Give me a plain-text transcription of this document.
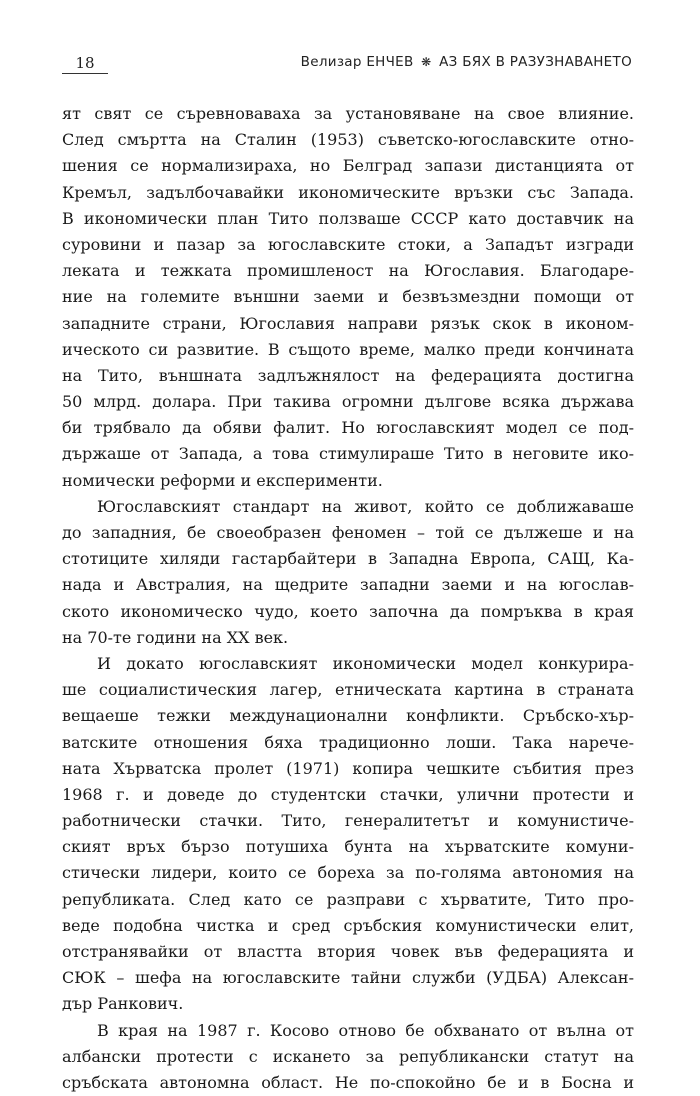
18	Велизар ЕНЧЕВ ❋ АЗ БЯХ В РАЗУЗНАВАНЕТО
ят свят се съревноваваха за установяване на свое влияние.
След смъртта на Сталин (1953) съветско-югославските отно-
шения се нормализираха, но Белград запази дистанцията от
Кремъл, задълбочавайки икономическите връзки със Запада.
В икономически план Тито ползваше СССР като доставчик на
суровини и пазар за югославските стоки, а Западът изгради
леката и тежката промишленост на Югославия. Благодаре-
ние на големите външни заеми и безвъзмездни помощи от
западните страни, Югославия направи рязък скок в иконом-
ическото си развитие. В същото време, малко преди кончината
на Тито, външната задлъжнялост на федерацията достигна
50 млрд. долара. При такива огромни дългове всяка държава
би трябвало да обяви фалит. Но югославският модел се под-
държаше от Запада, а това стимулираше Тито в неговите ико-
номически реформи и експерименти.
Югославският стандарт на живот, който се доближаваше
до западния, бе своеобразен феномен – той се дължеше и на
стотиците хиляди гастарбайтери в Западна Европа, САЩ, Ка-
нада и Австралия, на щедрите западни заеми и на югослав-
ското икономическо чудо, което започна да помръква в края
на 70-те години на XX век.
И докато югославският икономически модел конкурира-
ше социалистическия лагер, етническата картина в страната
вещаеше тежки междунационални конфликти. Сръбско-хър-
ватските отношения бяха традиционно лоши. Така наречe-
ната Хърватска пролет (1971) копира чешките събития през
1968 г. и доведе до студентски стачки, улични протести и
работнически стачки. Тито, генералитетът и комунистиче-
ският връх бързо потушиха бунта на хърватските комуни-
стически лидери, които се бореха за по-голяма автономия на
републиката. След като се разправи с хърватите, Тито про-
веде подобна чистка и сред сръбския комунистически елит,
отстранявайки от властта втория човек във федерацията и
СЮК – шефа на югославските тайни служби (УДБА) Алексан-
дър Ранкович.
В края на 1987 г. Косово отново бе обхванато от вълна от
албански протести с искането за републикански статут на
сръбската автономна област. Не по-спокойно бе и в Босна и
